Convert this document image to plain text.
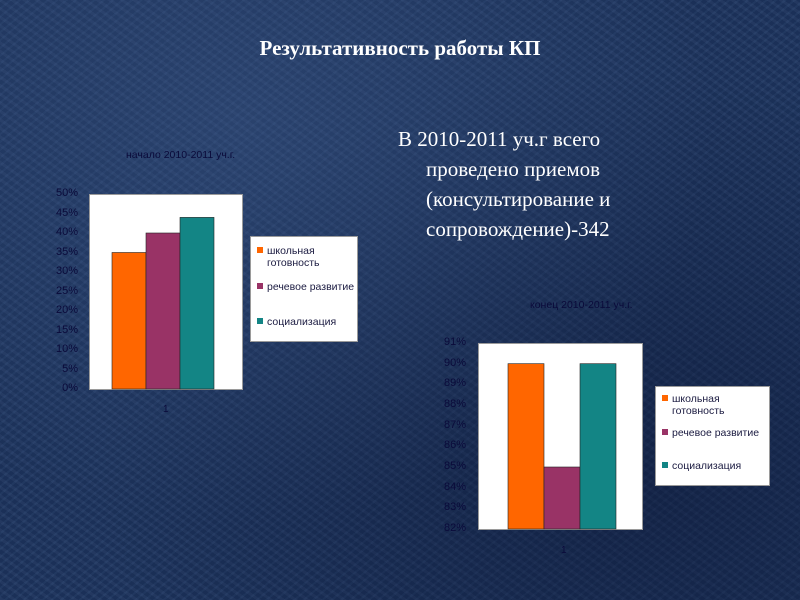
Результативность работы КП
В 2010-2011 уч.г всего
проведено приемов
(консультирование и
сопровождение)-342
начало 2010-2011 уч.г.
0%
5%
10%
15%
20%
25%
30%
35%
40%
45%
50%
1
школьная готовность
речевое развитие
социализация
конец 2010-2011 уч.г.
82%
83%
84%
85%
86%
87%
88%
89%
90%
91%
1
школьная готовность
речевое развитие
социализация
